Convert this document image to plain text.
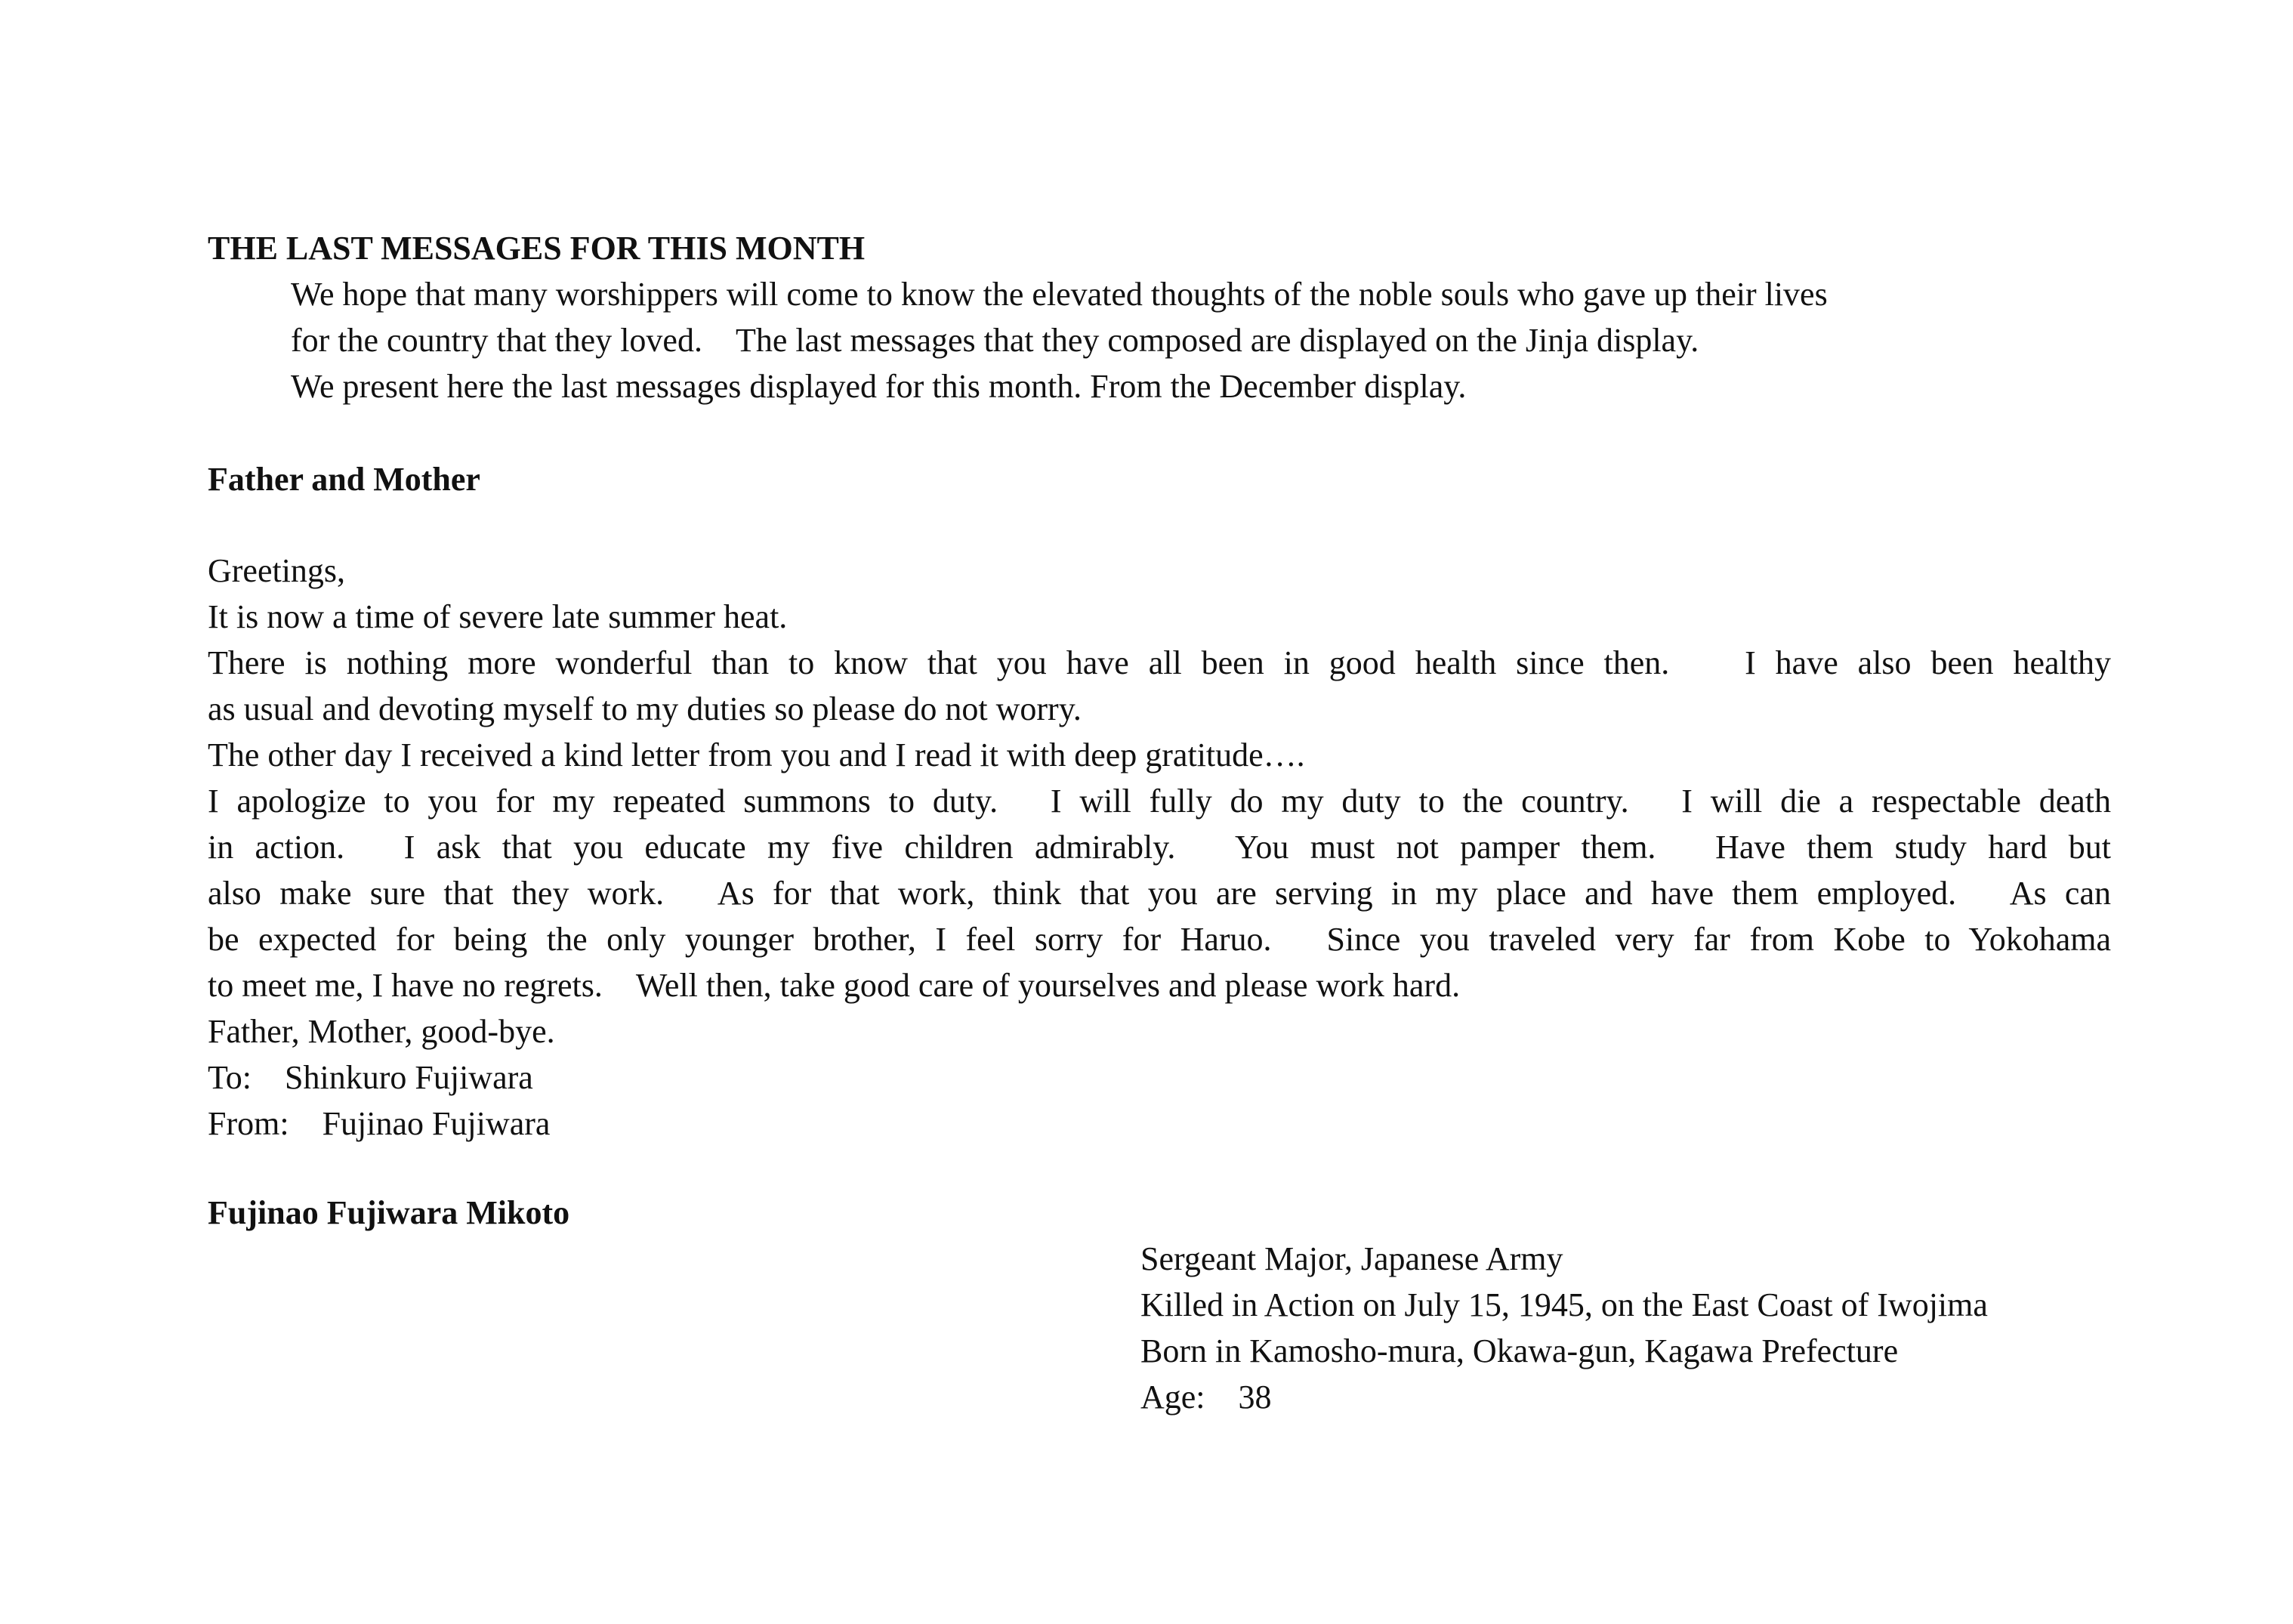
THE LAST MESSAGES FOR THIS MONTH
We hope that many worshippers will come to know the elevated thoughts of the noble souls who gave up their lives
for the country that they loved.　The last messages that they composed are displayed on the Jinja display.
We present here the last messages displayed for this month. From the December display.
Father and Mother
Greetings,
It is now a time of severe late summer heat.
There is nothing more wonderful than to know that you have all been in good health since then.　 I have also been healthy
as usual and devoting myself to my duties so please do not worry.
The other day I received a kind letter from you and I read it with deep gratitude….
I apologize to you for my repeated summons to duty.　I will fully do my duty to the country.　I will die a respectable death
in action.　I ask that you educate my five children admirably.　You must not pamper them.　Have them study hard but
also make sure that they work.　As for that work, think that you are serving in my place and have them employed.　As can
be expected for being the only younger brother, I feel sorry for Haruo.　Since you traveled very far from Kobe to Yokohama
to meet me, I have no regrets.　Well then, take good care of yourselves and please work hard.
Father, Mother, good-bye.
To:　Shinkuro Fujiwara
From:　Fujinao Fujiwara
Fujinao Fujiwara Mikoto
Sergeant Major, Japanese Army
Killed in Action on July 15, 1945, on the East Coast of Iwojima
Born in Kamosho-mura, Okawa-gun, Kagawa Prefecture
Age:　38
